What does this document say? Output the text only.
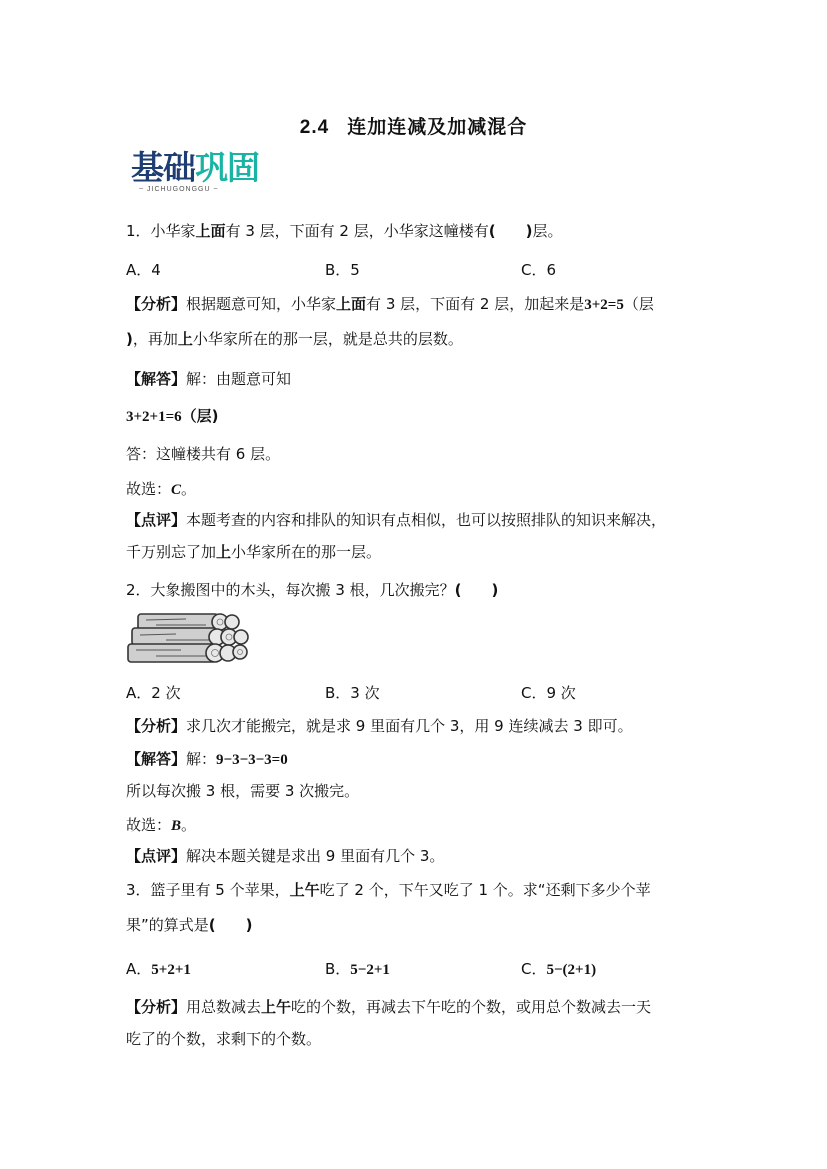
2.4 连加连减及加减混合
基础巩固
~ JICHUGONGGU ~
1．小华家上面有 3 层，下面有 2 层，小华家这幢楼有(　　)层。
A．4	B．5	C．6
【分析】根据题意可知，小华家上面有 3 层，下面有 2 层，加起来是3+2=5（层
)，再加上小华家所在的那一层，就是总共的层数。
【解答】解：由题意可知
3+2+1=6（层)
答：这幢楼共有 6 层。
故选：C。
【点评】本题考查的内容和排队的知识有点相似，也可以按照排队的知识来解决，
千万别忘了加上小华家所在的那一层。
2．大象搬图中的木头，每次搬 3 根，几次搬完？(　　)
A．2 次	B．3 次	C．9 次
【分析】求几次才能搬完，就是求 9 里面有几个 3，用 9 连续减去 3 即可。
【解答】解：9−3−3−3=0
所以每次搬 3 根，需要 3 次搬完。
故选：B。
【点评】解决本题关键是求出 9 里面有几个 3。
3．篮子里有 5 个苹果，上午吃了 2 个，下午又吃了 1 个。求“还剩下多少个苹
果”的算式是(　　)
A．5+2+1	B．5−2+1	C．5−(2+1)
【分析】用总数减去上午吃的个数，再减去下午吃的个数，或用总个数减去一天
吃了的个数，求剩下的个数。
